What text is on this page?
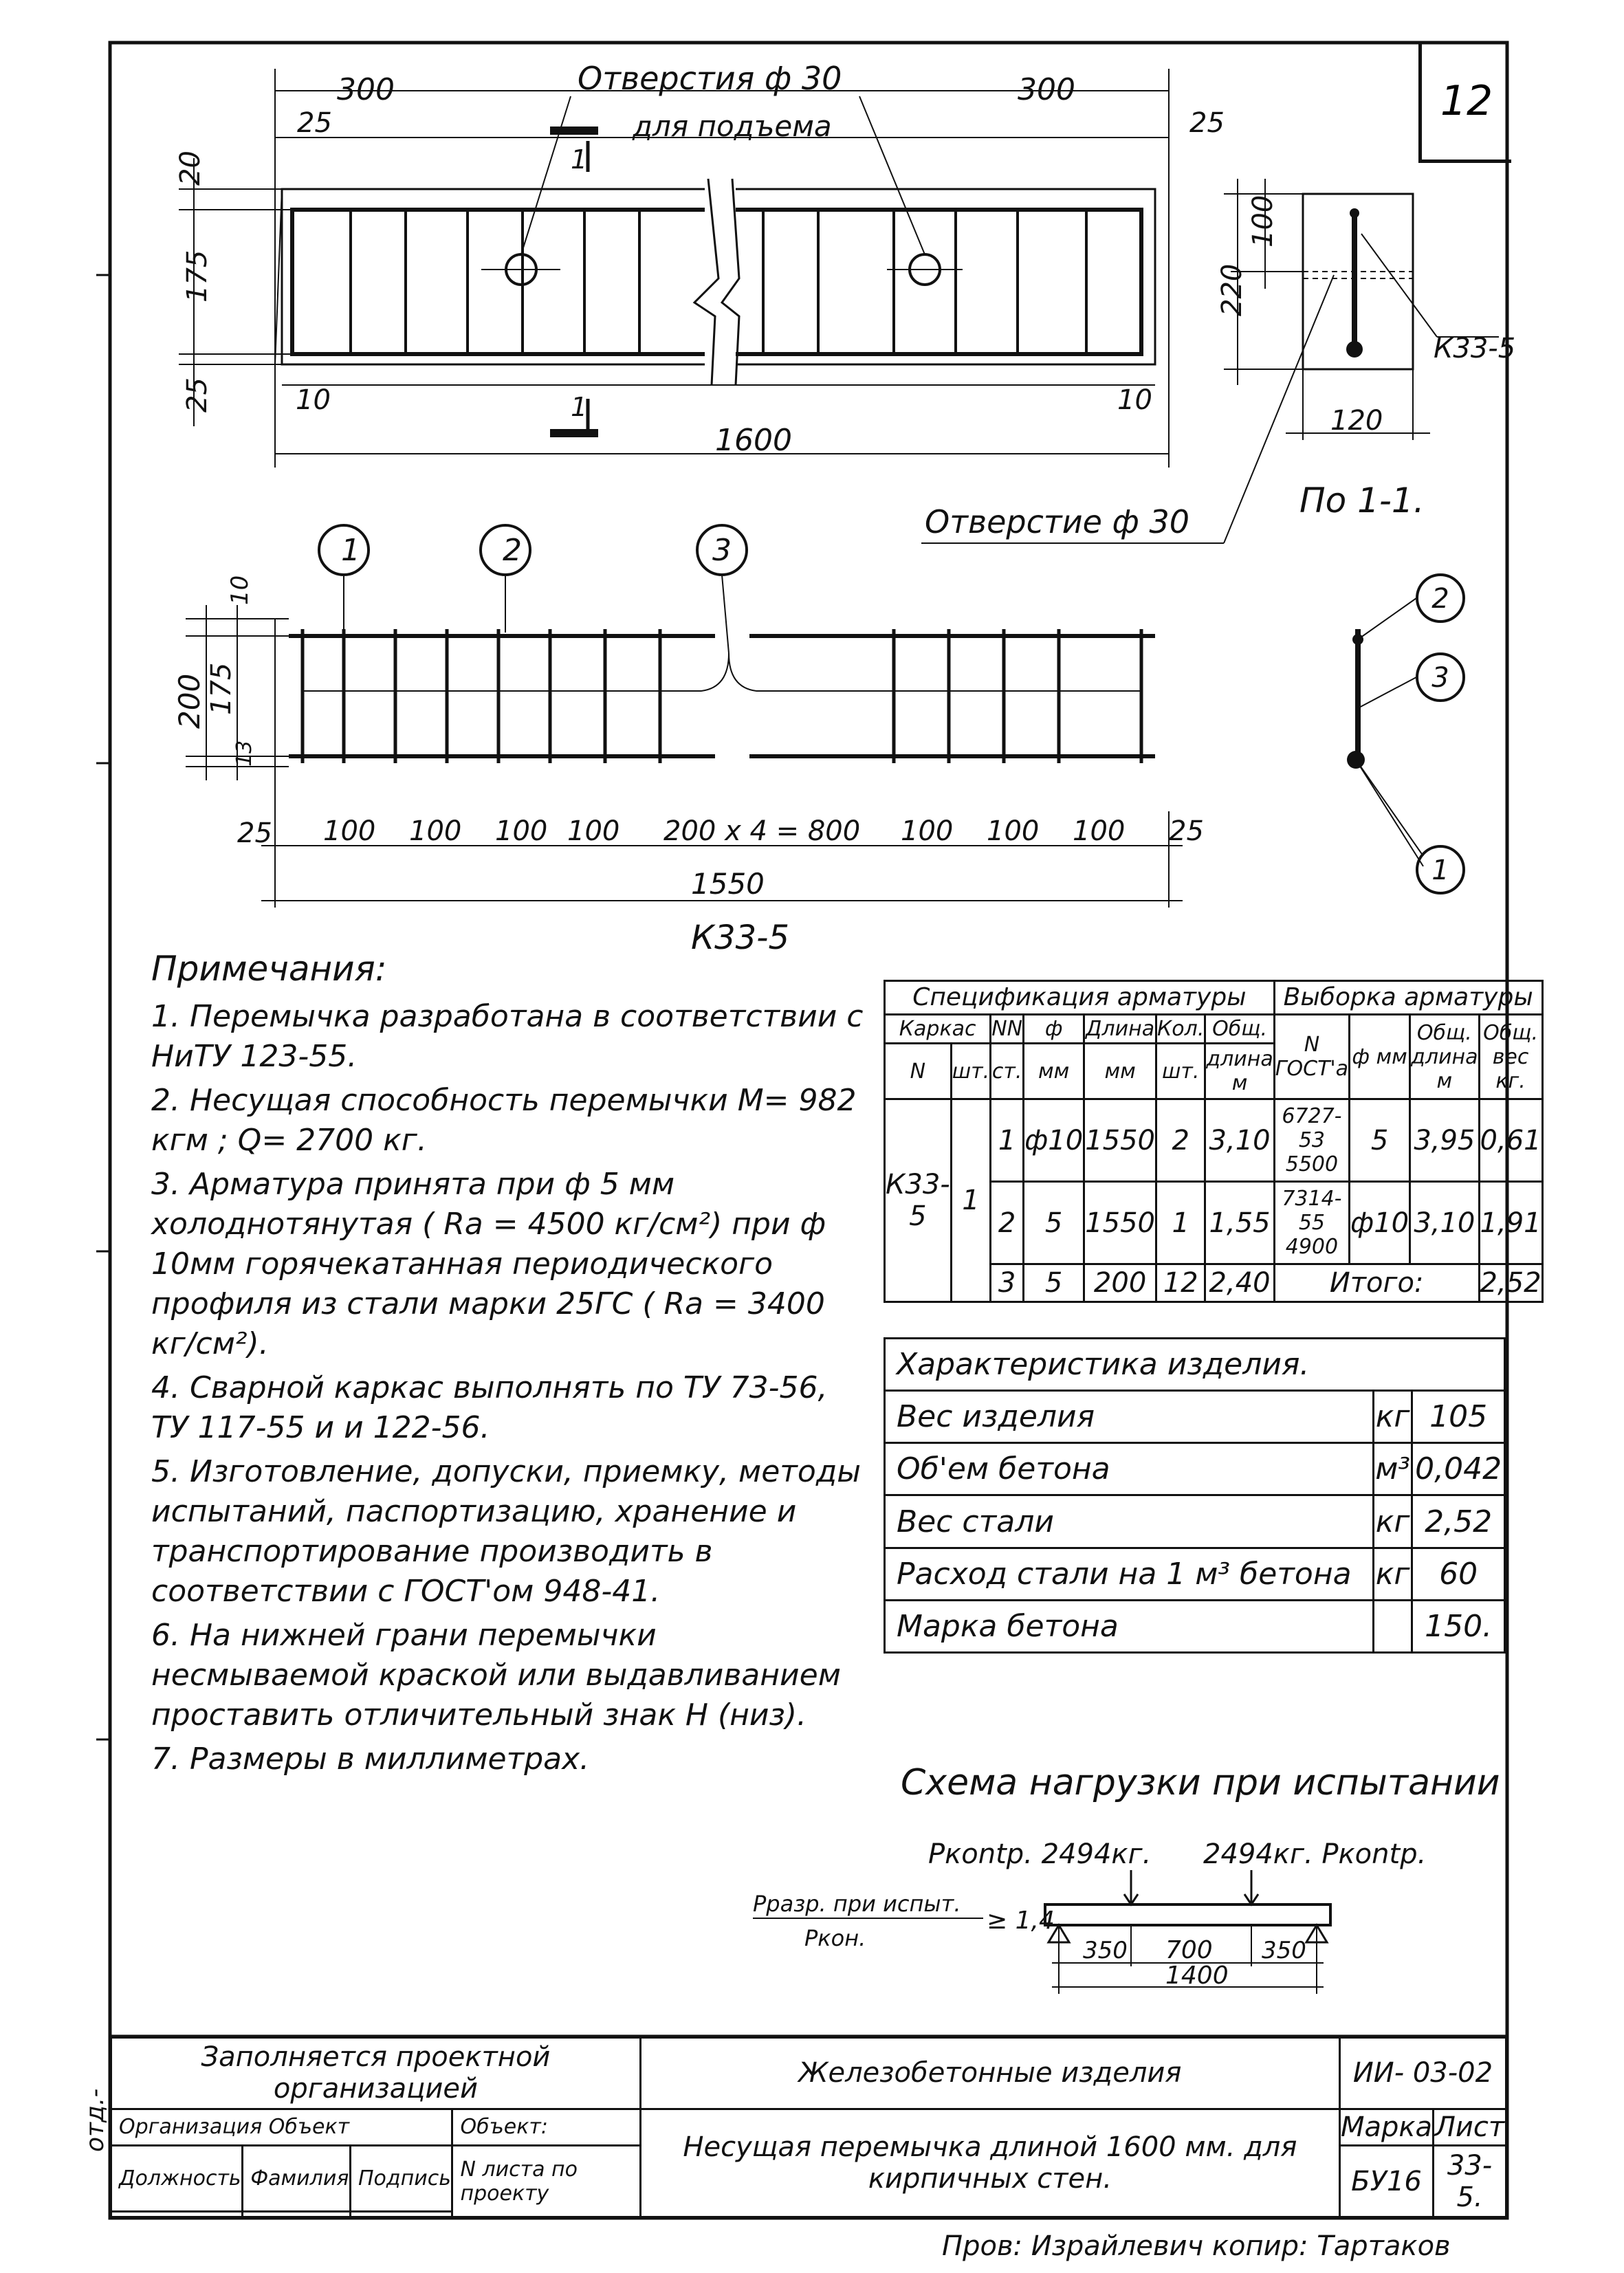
12
300	300
25	25
Отверстия ф 30
для подъема
20
175
25	10	10
1600
1
1
100
220
120
К33-5
Отверстие ф 30
По 1-1.
1	2	3
200 175
10
13
25 100 100 100 100 200 х 4 = 800 100 100 100 25
1550
К33-5
2
3
1
Схема нагрузки при испытании
Ркontр. 2494кг. 2494кг. Ркontр.
Рразр. при испыт.
Ркон.
≥ 1,4
350 700 350
1400
отд.-
Примечания:
1. Перемычка разработана в соответствии с НиТУ 123-55.
2. Несущая способность перемычки M= 982 кгм ; Q= 2700 кг.
3. Арматура принята при ф 5 мм холоднотянутая ( Rа = 4500 кг/см²) при ф 10мм горячекатанная периодического профиля из стали марки 25ГС ( Rа = 3400 кг/см²).
4. Сварной каркас выполнять по ТУ 73-56, ТУ 117-55 и и 122-56.
5. Изготовление, допуски, приемку, методы испытаний, паспортизацию, хранение и транспортирование производить в соответствии с ГОСТ'ом 948-41.
6. На нижней грани перемычки несмываемой краской или выдавливанием проставить отличительный знак Н (низ).
7. Размеры в миллиметрах.
Спецификация арматуры							Выборка арматуры			
Каркас		NN	ф	Длина	Кол.	Общ.	N ГОСТ'а	ф мм	Общ. длина м	Общ. вес кг.
N	шт.	ст.	мм	мм	шт.	длина м				
К33-5	1	1	ф10	1550	2	3,10	6727-53 5500	5	3,95	0,61
		2	5	1550	1	1,55	7314-55 4900	ф10	3,10	1,91
		3	5	200	12	2,40	Итого:			2,52
Характеристика изделия.		
Вес изделия	кг	105
Об'ем бетона	м³	0,042
Вес стали	кг	2,52
Расход стали на 1 м³ бетона	кг	60
Марка бетона		150.
Заполняется проектной организацией				Железобетонные изделия	ИИ- 03-02	
Организация Объект			Объект:	Несущая перемычка длиной 1600 мм. для кирпичных стен.	Марка	Лист
Должность	Фамилия	Подпись	N листа по проекту		БУ16	33-5.

Пров: Израйлевич копир: Тартаков
